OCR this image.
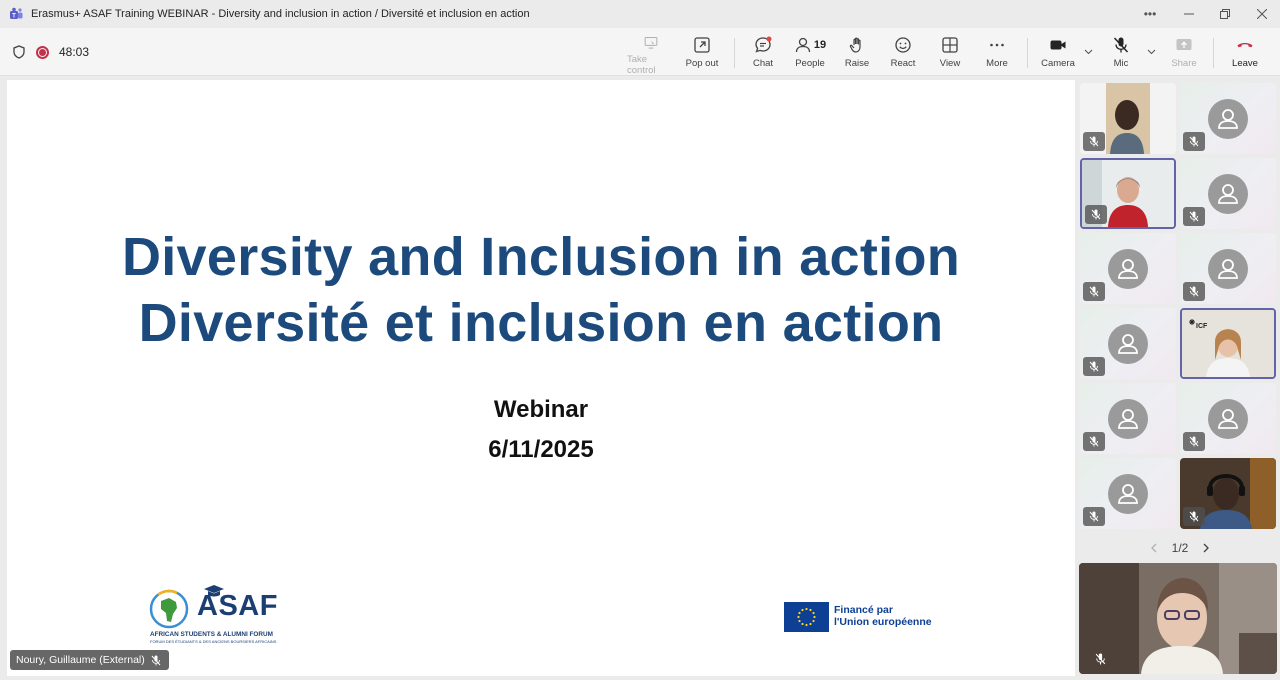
T Erasmus+ ASAF Training WEBINAR - Diversity and inclusion in action / Diversité et inclusion en action	•••
48:03
Take control
Pop out	Chat
19
People Raise React	View	More	Camera	Mic	Share	Leave
Diversity and Inclusion in action
Diversité et inclusion en action
Webinar
6/11/2025
ASAF
AFRICAN STUDENTS & ALUMNI FORUM
FORUM DES ÉTUDIANTS & DES ANCIENS BOURSIERS AFRICAINS
Financé par
l'Union européenne
Noury, Guillaume (External)
ICF
1/2
